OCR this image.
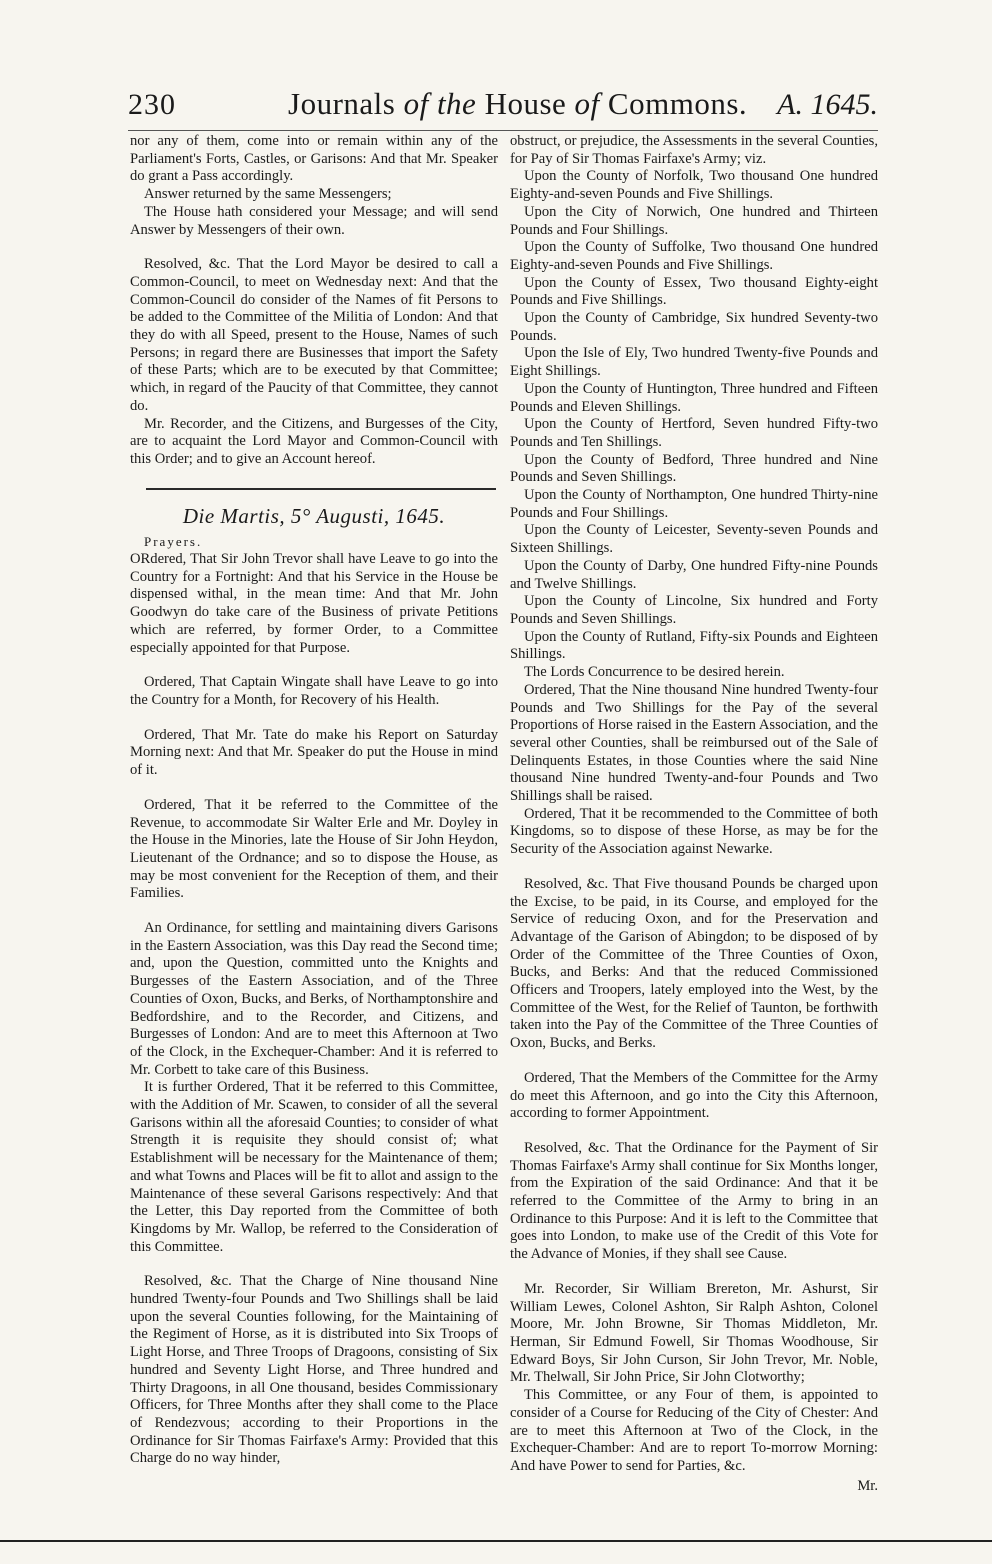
230	Journals of the House of Commons. A. 1645.

nor any of them, come into or remain within any of the Parliament's Forts, Castles, or Garisons: And that Mr. Speaker do grant a Pass accordingly.

Answer returned by the same Messengers;

The House hath considered your Message; and will send Answer by Messengers of their own.

Resolved, &c. That the Lord Mayor be desired to call a Common-Council, to meet on Wednesday next: And that the Common-Council do consider of the Names of fit Persons to be added to the Committee of the Militia of London: And that they do with all Speed, present to the House, Names of such Persons; in regard there are Businesses that import the Safety of these Parts; which are to be executed by that Committee; which, in regard of the Paucity of that Committee, they cannot do.

Mr. Recorder, and the Citizens, and Burgesses of the City, are to acquaint the Lord Mayor and Common-Council with this Order; and to give an Account hereof.

Die Martis, 5° Augusti, 1645.
Prayers.

ORdered, That Sir John Trevor shall have Leave to go into the Country for a Fortnight: And that his Service in the House be dispensed withal, in the mean time: And that Mr. John Goodwyn do take care of the Business of private Petitions which are referred, by former Order, to a Committee especially appointed for that Purpose.

Ordered, That Captain Wingate shall have Leave to go into the Country for a Month, for Recovery of his Health.

Ordered, That Mr. Tate do make his Report on Saturday Morning next: And that Mr. Speaker do put the House in mind of it.

Ordered, That it be referred to the Committee of the Revenue, to accommodate Sir Walter Erle and Mr. Doyley in the House in the Minories, late the House of Sir John Heydon, Lieutenant of the Ordnance; and so to dispose the House, as may be most convenient for the Reception of them, and their Families.

An Ordinance, for settling and maintaining divers Garisons in the Eastern Association, was this Day read the Second time; and, upon the Question, committed unto the Knights and Burgesses of the Eastern Association, and of the Three Counties of Oxon, Bucks, and Berks, of Northamptonshire and Bedfordshire, and to the Recorder, and Citizens, and Burgesses of London: And are to meet this Afternoon at Two of the Clock, in the Exchequer-Chamber: And it is referred to Mr. Corbett to take care of this Business.

It is further Ordered, That it be referred to this Committee, with the Addition of Mr. Scawen, to consider of all the several Garisons within all the aforesaid Counties; to consider of what Strength it is requisite they should consist of; what Establishment will be necessary for the Maintenance of them; and what Towns and Places will be fit to allot and assign to the Maintenance of these several Garisons respectively: And that the Letter, this Day reported from the Committee of both Kingdoms by Mr. Wallop, be referred to the Consideration of this Committee.

Resolved, &c. That the Charge of Nine thousand Nine hundred Twenty-four Pounds and Two Shillings shall be laid upon the several Counties following, for the Maintaining of the Regiment of Horse, as it is distributed into Six Troops of Light Horse, and Three Troops of Dragoons, consisting of Six hundred and Seventy Light Horse, and Three hundred and Thirty Dragoons, in all One thousand, besides Commissionary Officers, for Three Months after they shall come to the Place of Rendezvous; according to their Proportions in the Ordinance for Sir Thomas Fairfaxe's Army: Provided that this Charge do no way hinder,

obstruct, or prejudice, the Assessments in the several Counties, for Pay of Sir Thomas Fairfaxe's Army; viz.

Upon the County of Norfolk, Two thousand One hundred Eighty-and-seven Pounds and Five Shillings.

Upon the City of Norwich, One hundred and Thirteen Pounds and Four Shillings.

Upon the County of Suffolke, Two thousand One hundred Eighty-and-seven Pounds and Five Shillings.

Upon the County of Essex, Two thousand Eighty-eight Pounds and Five Shillings.

Upon the County of Cambridge, Six hundred Seventy-two Pounds.

Upon the Isle of Ely, Two hundred Twenty-five Pounds and Eight Shillings.

Upon the County of Huntington, Three hundred and Fifteen Pounds and Eleven Shillings.

Upon the County of Hertford, Seven hundred Fifty-two Pounds and Ten Shillings.

Upon the County of Bedford, Three hundred and Nine Pounds and Seven Shillings.

Upon the County of Northampton, One hundred Thirty-nine Pounds and Four Shillings.

Upon the County of Leicester, Seventy-seven Pounds and Sixteen Shillings.

Upon the County of Darby, One hundred Fifty-nine Pounds and Twelve Shillings.

Upon the County of Lincolne, Six hundred and Forty Pounds and Seven Shillings.

Upon the County of Rutland, Fifty-six Pounds and Eighteen Shillings.

The Lords Concurrence to be desired herein.

Ordered, That the Nine thousand Nine hundred Twenty-four Pounds and Two Shillings for the Pay of the several Proportions of Horse raised in the Eastern Association, and the several other Counties, shall be reimbursed out of the Sale of Delinquents Estates, in those Counties where the said Nine thousand Nine hundred Twenty-and-four Pounds and Two Shillings shall be raised.

Ordered, That it be recommended to the Committee of both Kingdoms, so to dispose of these Horse, as may be for the Security of the Association against Newarke.

Resolved, &c. That Five thousand Pounds be charged upon the Excise, to be paid, in its Course, and employed for the Service of reducing Oxon, and for the Preservation and Advantage of the Garison of Abingdon; to be disposed of by Order of the Committee of the Three Counties of Oxon, Bucks, and Berks: And that the reduced Commissioned Officers and Troopers, lately employed into the West, by the Committee of the West, for the Relief of Taunton, be forthwith taken into the Pay of the Committee of the Three Counties of Oxon, Bucks, and Berks.

Ordered, That the Members of the Committee for the Army do meet this Afternoon, and go into the City this Afternoon, according to former Appointment.

Resolved, &c. That the Ordinance for the Payment of Sir Thomas Fairfaxe's Army shall continue for Six Months longer, from the Expiration of the said Ordinance: And that it be referred to the Committee of the Army to bring in an Ordinance to this Purpose: And it is left to the Committee that goes into London, to make use of the Credit of this Vote for the Advance of Monies, if they shall see Cause.

Mr. Recorder, Sir William Brereton, Mr. Ashurst, Sir William Lewes, Colonel Ashton, Sir Ralph Ashton, Colonel Moore, Mr. John Browne, Sir Thomas Middleton, Mr. Herman, Sir Edmund Fowell, Sir Thomas Woodhouse, Sir Edward Boys, Sir John Curson, Sir John Trevor, Mr. Noble, Mr. Thelwall, Sir John Price, Sir John Clotworthy;

This Committee, or any Four of them, is appointed to consider of a Course for Reducing of the City of Chester: And are to meet this Afternoon at Two of the Clock, in the Exchequer-Chamber: And are to report To-morrow Morning: And have Power to send for Parties, &c.

Mr.
